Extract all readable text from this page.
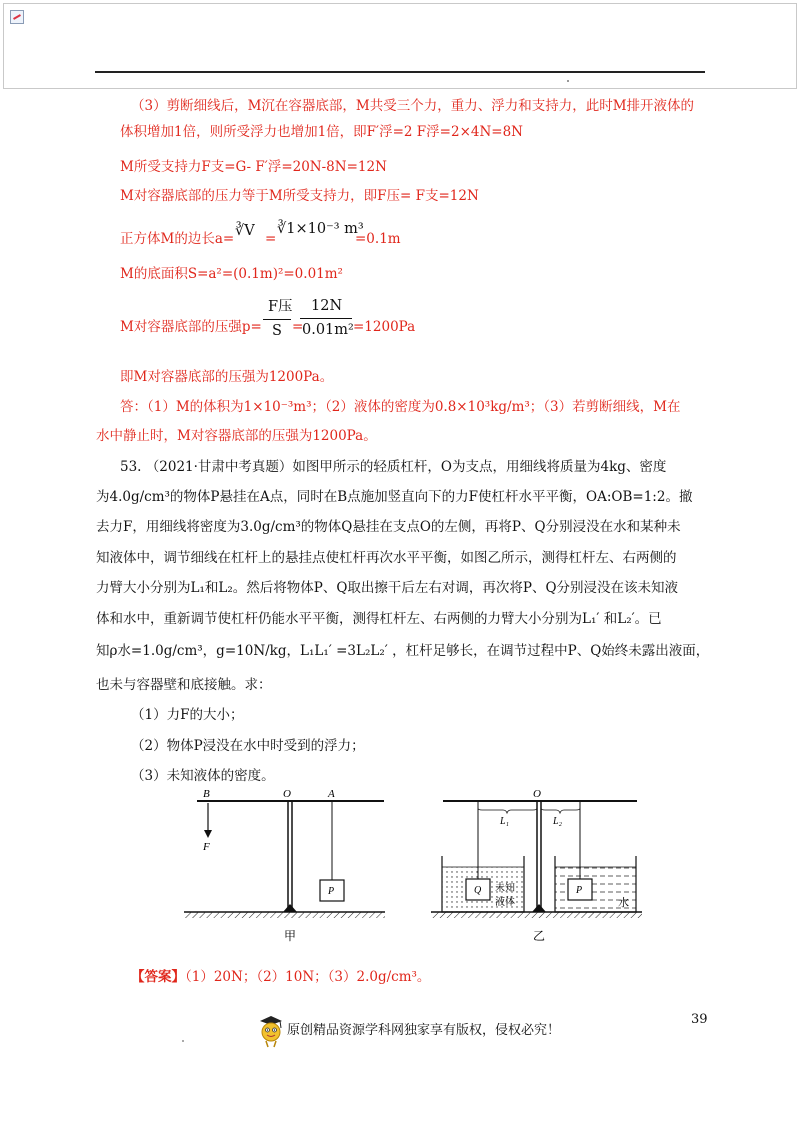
（3）剪断细线后，M沉在容器底部，M共受三个力，重力、浮力和支持力，此时M排开液体的
体积增加1倍，则所受浮力也增加1倍，即F′浮=2 F浮=2×4N=8N
M所受支持力F支=G- F′浮=20N-8N=12N
M对容器底部的压力等于M所受支持力，即F压= F支=12N
正方体M的边长a= ∛V =
∛1×10⁻³ m³
=0.1m
M的底面积S=a²=(0.1m)²=0.01m²
M对容器底部的压强p=
F压
S =
12N
0.01m² =1200Pa
即M对容器底部的压强为1200Pa。
答：（1）M的体积为1×10⁻³m³；（2）液体的密度为0.8×10³kg/m³；（3）若剪断细线，M在
水中静止时，M对容器底部的压强为1200Pa。
53. （2021·甘肃中考真题）如图甲所示的轻质杠杆，O为支点，用细线将质量为4kg、密度
为4.0g/cm³的物体P悬挂在A点，同时在B点施加竖直向下的力F使杠杆水平平衡，OA:OB=1:2。撤
去力F，用细线将密度为3.0g/cm³的物体Q悬挂在支点O的左侧，再将P、Q分别浸没在水和某种未
知液体中，调节细线在杠杆上的悬挂点使杠杆再次水平平衡，如图乙所示，测得杠杆左、右两侧的
力臂大小分别为L₁和L₂。然后将物体P、Q取出擦干后左右对调，再次将P、Q分别浸没在该未知液
体和水中，重新调节使杠杆仍能水平平衡，测得杠杆左、右两侧的力臂大小分别为L₁′ 和L₂′。已
知ρ水=1.0g/cm³，g=10N/kg，L₁L₁′ =3L₂L₂′ ，杠杆足够长，在调节过程中P、Q始终未露出液面，
也未与容器壁和底接触。求：
（1）力F的大小；
（2）物体P浸没在水中时受到的浮力；
（3）未知液体的密度。
B	O	A
F
P
甲
L₁	L₂
O
Q 未知
液体
P
水
乙
【答案】（1）20N；（2）10N；（3）2.0g/cm³。
39
原创精品资源学科网独家享有版权，侵权必究！
